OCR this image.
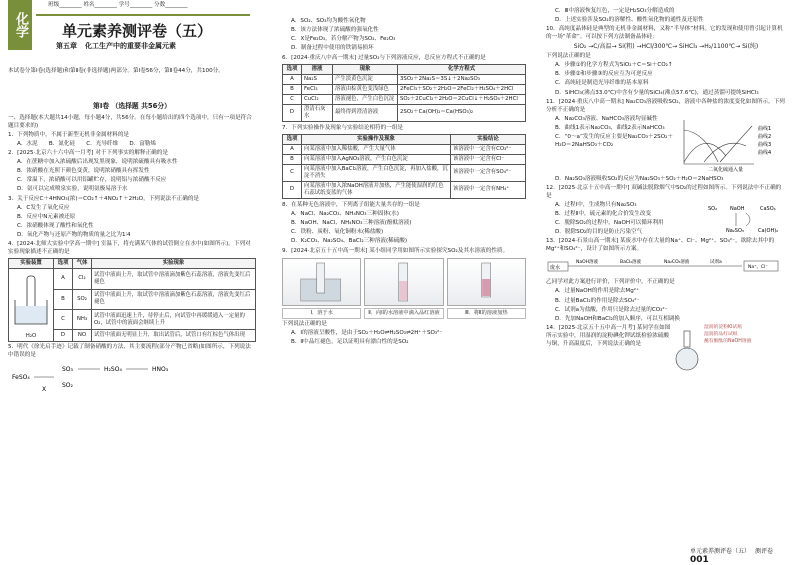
化学
班级________ 姓名________ 学号________ 分数________
单元素养测评卷（五）
第五章 化工生产中的重要非金属元素
本试卷分第Ⅰ卷(选择题)和第Ⅱ卷(非选择题)两部分。第Ⅰ卷56分，第Ⅱ卷44分，共100分。
第Ⅰ卷 （选择题 共56分）

一、选择题(本大题共14小题，每小题4分，共56分。在每小题给出的四个选项中，只有一项是符合题目要求的)

1．下列物质中，不属于新型无机非金属材料的是

A．水泥　　 B．氮化硅　　 C．光导纤维　　 D．富勒烯

2．[2025·北京六十六中高一月考] 对于下列事实的解释正确的是

A．在蔗糖中加入浓硫酸后出现发黑现象，说明浓硫酸具有吸水性

B．浓硝酸在光照下颜色变黄，说明浓硝酸具有挥发性

C．常温下，浓硝酸可以用铝罐贮存，说明铝与浓硝酸不反应

D．氨可以完成喷泉实验，说明氨极易溶于水

3．关于反应C＋4HNO₃(浓)＝CO₂↑＋4NO₂↑＋2H₂O，下列说法不正确的是

A．C发生了氧化反应

B．反应中N元素被还原

C．浓硝酸体现了酸性和氧化性

D．氧化产物与还原产物的物质的量之比为1∶4

4．[2024·北师大实验中学高一期中] 室温下，将充满某气体的试管倒立在水中(如图所示)。下列对实验现象描述不正确的是

实验装置	选项	气体	实验现象

H₂O	A	Cl₂	试管中液面上升，取试管中溶液滴加紫色石蕊溶液，溶液先变红后褪色
	B	SO₂	试管中液面上升，取试管中溶液滴加紫色石蕊溶液，溶液先变红后褪色
	C	NH₃	试管中液面迅速上升，待停止后，向试管中再缓缓通入一定量的O₂，试管中的液面会继续上升
	D	NO	试管中液面无明显上升，取出试管后，试管口有红棕色气体出现

5．明代《徐光启手迹》记载了制备硝酸的方法，其主要流程(部分产物已省略)如图所示，下列说法中错误的是

FeSO₄
SO₃
SO₂
X
H₂SO₄	HNO₃

A．SO₂、SO₃均为酸性氧化物

B．该方法体现了浓硫酸的强氧化性

C．X是Fe₂O₃，若分解产物为SO₂、Fe₂O₃

D．制备过程中使用的铁锅易损坏

6．[2024·重庆八中高一期末] 过量SO₂与下列溶液反应，总反应方程式不正确的是

选项	溶液	现象	化学方程式
A	Na₂S	产生淡黄色沉淀	3SO₂＋2Na₂S＝3S↓＋2Na₂SO₃
B	FeCl₃	溶液由棕黄色变浅绿色	2FeCl₃＋SO₂＋2H₂O＝2FeCl₂＋H₂SO₄＋2HCl
C	CuCl₂	溶液褪色，产生白色沉淀	SO₂＋2CuCl₂＋2H₂O＝2CuCl↓＋H₂SO₄＋2HCl
D	澄清石灰水	最终得到澄清溶液	2SO₂＋Ca(OH)₂＝Ca(HSO₃)₂

7．下列实验操作及现象与实验结论相符的一组是

选项	实验操作及现象	实验结论
A	向某溶液中加入稀盐酸，产生大量气体	该溶液中一定含有CO₃²⁻
B	向某溶液中加入AgNO₃溶液，产生白色沉淀	该溶液中一定含有Cl⁻
C	向某溶液中加入BaCl₂溶液，产生白色沉淀，再加入盐酸，沉淀不消失	该溶液中一定含有SO₄²⁻
D	向某溶液中加入浓NaOH溶液并加热，产生能使湿润的红色石蕊试纸变蓝的气体	该溶液中一定含有NH₄⁺

8．在某种无色溶液中，下列离子组能大量共存的一组是

A．NaCl、Na₂CO₃、NH₄NO₃三种固体(水)

B．NaOH、NaCl、NH₄NO₃三种溶液(酚酞溶液)

C．铁粉、炭粉、氧化铜粉末(稀盐酸)

D．K₂CO₃、Na₂SO₄、BaCl₂三种溶液(稀硫酸)

9．[2024·北京五十五中高一期末] 某小组同学用如图所示实验探究SO₂及其水溶液的性质。

Ⅰ．溶于水	Ⅱ．向Ⅰ的水溶液中滴入品红溶液	Ⅲ．将Ⅱ的溶液加热

下列说法正确的是

A．Ⅰ的溶液呈酸性，是由于SO₂＋H₂O⇌H₂SO₃⇌2H⁺＋SO₃²⁻

B．Ⅱ中品红褪色，足以证明具有漂白性的是SO₂

C．Ⅲ中溶液恢复红色，一定是H₂SO₃分解造成的

D．上述实验涉及SO₂的溶解性、酸性氧化物的通性及还原性

10．高纯度晶体硅是典型的无机非金属材料，又称“半导体”材料。它的发现和使用曾引起计算机的一场“革命”。可以按下列方法制备晶体硅：

SiO₂ →C/高温→ Si(粗) →HCl/300℃→ SiHCl₃ →H₂/1100℃→ Si(纯)

下列说法正确的是

A．步骤①的化学方程式为SiO₂＋C＝Si＋CO₂↑

B．步骤②和步骤③的反应互为可逆反应

C．高纯硅是制造光导纤维的基本原料

D．SiHCl₃(沸点33.0℃)中含有少量的SiCl₄(沸点57.6℃)，通过蒸馏可提纯SiHCl₃

11．[2024·重庆八中高一期末] Na₂CO₃溶液吸收SO₂，溶液中各种盐的浓度变化如图所示。下列分析不正确的是

A．Na₂CO₃溶液、NaHCO₃溶液均显碱性

B．曲线1表示Na₂CO₃，曲线2表示NaHCO₃

C．“0～a”发生的反应主要是Na₂CO₃＋2SO₂＋H₂O＝2NaHSO₃＋CO₂

曲线1
曲线2
曲线3
曲线4
二氧化硫通入量

D．Na₂SO₃溶液吸收SO₂的反应为Na₂SO₃＋SO₂＋H₂O＝2NaHSO₃

12．[2025·北京十五中高一期中] 双碱法脱除烟气中SO₂的过程如图所示。下列说法中不正确的是

A．过程Ⅰ中，生成物只有Na₂SO₃

B．过程Ⅱ中，硫元素的化合价发生改变

C．脱除SO₂的过程中，NaOH可以循环利用

D．脱除SO₂的目的是防止污染空气

SO₂	NaOH	CaSO₄
Na₂SO₃	Ca(OH)₂

13．[2024·石景山高一期末] 某废水中存在大量的Na⁺、Cl⁻、Mg²⁺、SO₄²⁻，欲除去其中的Mg²⁺和SO₄²⁻，设计了如图所示方案。

废水
NaOH溶液	BaCl₂溶液	Na₂CO₃溶液	试剂a
Na⁺、Cl⁻

乙同学对此方案进行评价，下列评价中，不正确的是

A．过量NaOH的作用是除去Mg²⁺

B．过量BaCl₂的作用是除去SO₄²⁻

C．试剂a为盐酸，作用只是除去过量的CO₃²⁻

D．先加NaOH和BaCl₂的加入顺序，可以互相调换

14．[2025·北京五十五中高一月考] 某同学在如图所示实验中，用湿润的淀粉碘化钾试纸检验浓硫酸与铜，升高温度后，下列说法正确的是

湿润的淀粉KI试纸
湿润的品红试纸
蘸有酚酞的NaOH溶液
单元素养测评卷（五）　 测评卷　 001
